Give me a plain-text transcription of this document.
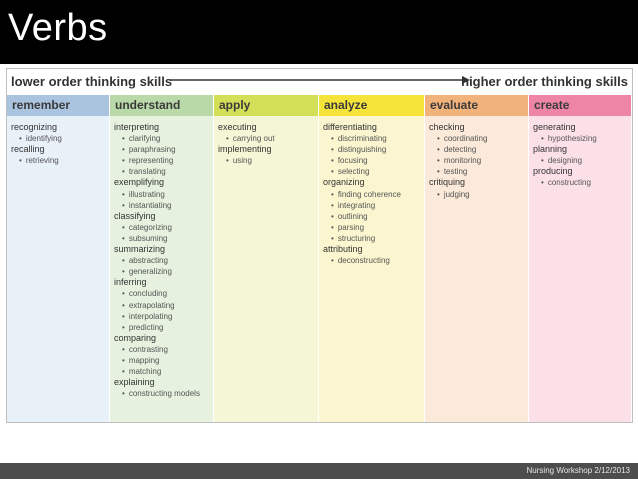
Verbs
lower order thinking skills	higher order thinking skills
remember
recognizing
• identifying
recalling
• retrieving
understand
interpreting
• clarifying
• paraphrasing
• representing
• translating
exemplifying
• illustrating
• instantiating
classifying
• categorizing
• subsuming
summarizing
• abstracting
• generalizing
inferring
• concluding
• extrapolating
• interpolating
• predicting
comparing
• contrasting
• mapping
• matching
explaining
• constructing models
apply
executing
• carrying out
implementing
• using
analyze
differentiating
• discriminating
• distinguishing
• focusing
• selecting
organizing
• finding coherence
• integrating
• outlining
• parsing
• structuring
attributing
• deconstructing
evaluate
checking
• coordinating
• detecting
• monitoring
• testing
critiquing
• judging
create
generating
• hypothesizing
planning
• designing
producing
• constructing
Nursing Workshop 2/12/2013
